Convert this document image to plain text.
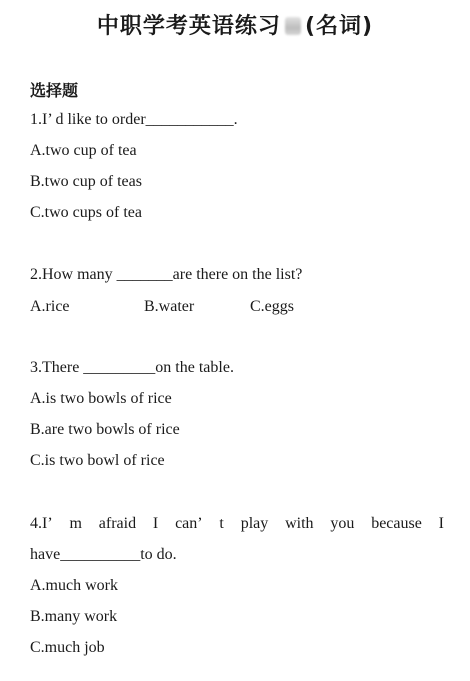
中职学考英语练习 (名词)
选择题
1.I’ d like to order___________.
A.two cup of tea
B.two cup of teas
C.two cups of tea
2.How many _______are there on the list?
A.rice	B.water	C.eggs
3.There _________on the table.
A.is two bowls of rice
B.are two bowls of rice
C.is two bowl of rice
4.I’ m afraid I can’ t play with you because I
have__________to do.
A.much work
B.many work
C.much job
